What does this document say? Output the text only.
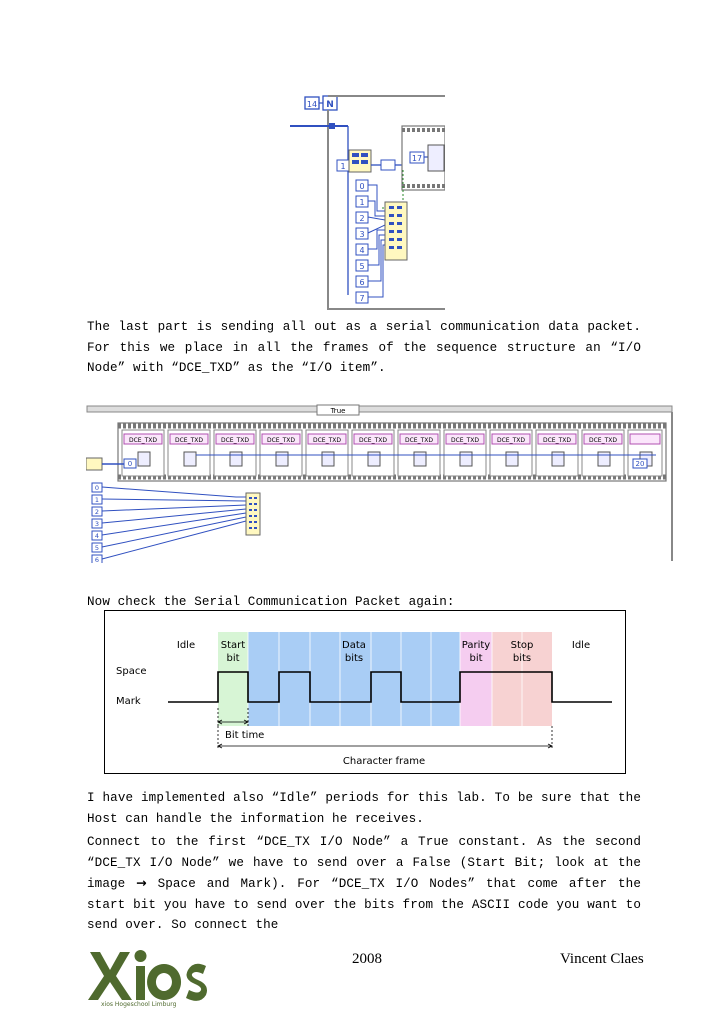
14 N
1
17
0
1
2
3
4
5
6
7

The last part is sending all out as a serial communication data packet. For this we place in all the frames of the sequence structure an “I/O Node” with “DCE_TXD” as the “I/O item”.

True
DCE_TXD	DCE_TXD	DCE_TXD	DCE_TXD	DCE_TXD	DCE_TXD	DCE_TXD	DCE_TXD	DCE_TXD	DCE_TXD	DCE_TXD
0	20
0
1
2
3
4
5
6

Now check the Serial Communication Packet again:

Idle	Start
bit
Data
bits
Parity
bit
Stop
bits
Idle
Space
Mark
Bit time
Character frame

I have implemented also “Idle” periods for this lab. To be sure that the Host can handle the information he receives.

Connect to the first “DCE_TX I/O Node” a True constant. As the second “DCE_TX I/O Node” we have to send over a False (Start Bit; look at the image → Space and Mark). For “DCE_TX I/O Nodes” that come after the start bit you have to send over the bits from the ASCII code you want to send over. So connect the

xios Hogeschool Limburg
2008	Vincent Claes
